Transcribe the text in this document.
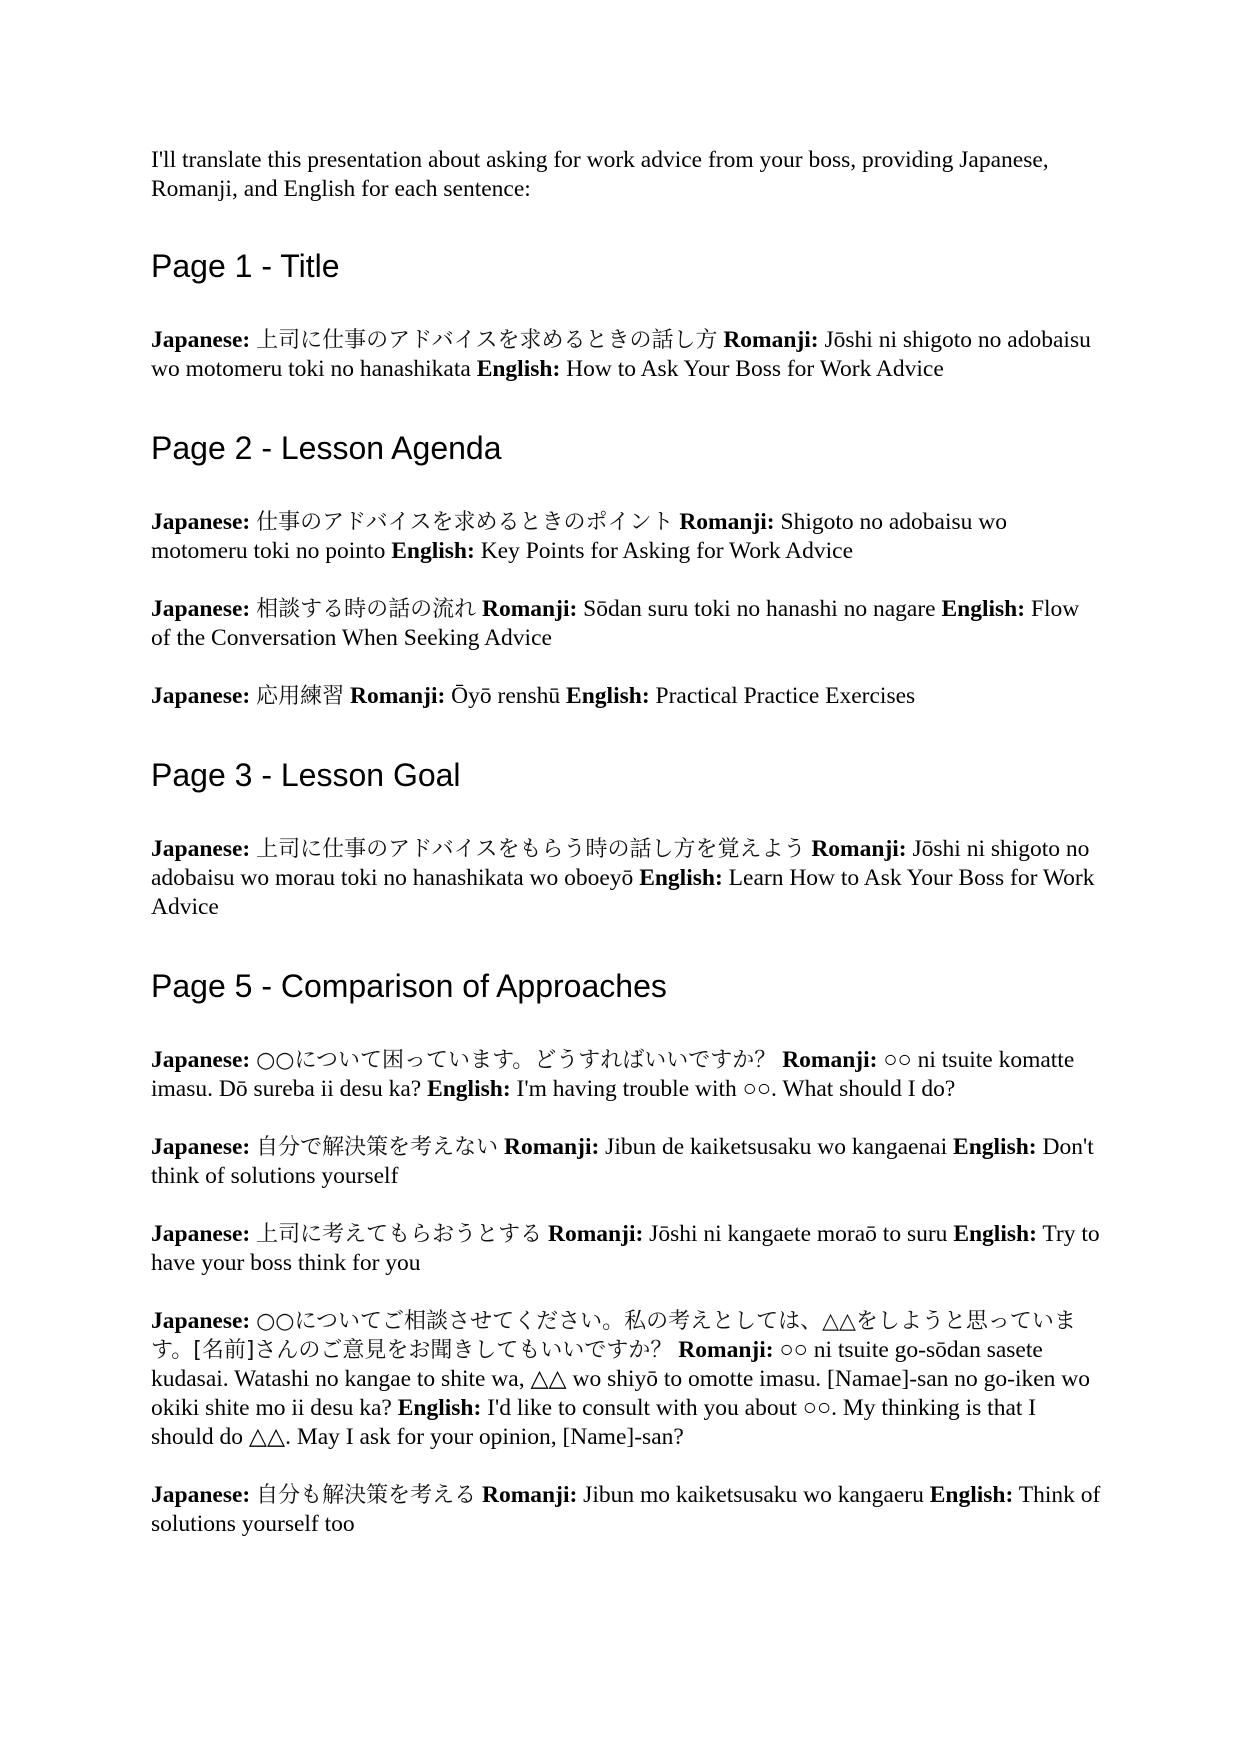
I'll translate this presentation about asking for work advice from your boss, providing Japanese, Romanji, and English for each sentence:

Page 1 - Title

Japanese: 上司に仕事のアドバイスを求めるときの話し方 Romanji: Jōshi ni shigoto no adobaisu wo motomeru toki no hanashikata English: How to Ask Your Boss for Work Advice

Page 2 - Lesson Agenda

Japanese: 仕事のアドバイスを求めるときのポイント Romanji: Shigoto no adobaisu wo motomeru toki no pointo English: Key Points for Asking for Work Advice

Japanese: 相談する時の話の流れ Romanji: Sōdan suru toki no hanashi no nagare English: Flow of the Conversation When Seeking Advice

Japanese: 応用練習 Romanji: Ōyō renshū English: Practical Practice Exercises

Page 3 - Lesson Goal

Japanese: 上司に仕事のアドバイスをもらう時の話し方を覚えよう Romanji: Jōshi ni shigoto no adobaisu wo morau toki no hanashikata wo oboeyō English: Learn How to Ask Your Boss for Work Advice

Page 5 - Comparison of Approaches

Japanese: ○○について困っています。どうすればいいですか？ Romanji: ○○ ni tsuite komatte imasu. Dō sureba ii desu ka? English: I'm having trouble with ○○. What should I do?

Japanese: 自分で解決策を考えない Romanji: Jibun de kaiketsusaku wo kangaenai English: Don't think of solutions yourself

Japanese: 上司に考えてもらおうとする Romanji: Jōshi ni kangaete moraō to suru English: Try to have your boss think for you

Japanese: ○○についてご相談させてください。私の考えとしては、△△をしようと思っています。[名前]さんのご意見をお聞きしてもいいですか？ Romanji: ○○ ni tsuite go-sōdan sasete kudasai. Watashi no kangae to shite wa, △△ wo shiyō to omotte imasu. [Namae]-san no go-iken wo okiki shite mo ii desu ka? English: I'd like to consult with you about ○○. My thinking is that I should do △△. May I ask for your opinion, [Name]-san?

Japanese: 自分も解決策を考える Romanji: Jibun mo kaiketsusaku wo kangaeru English: Think of solutions yourself too
